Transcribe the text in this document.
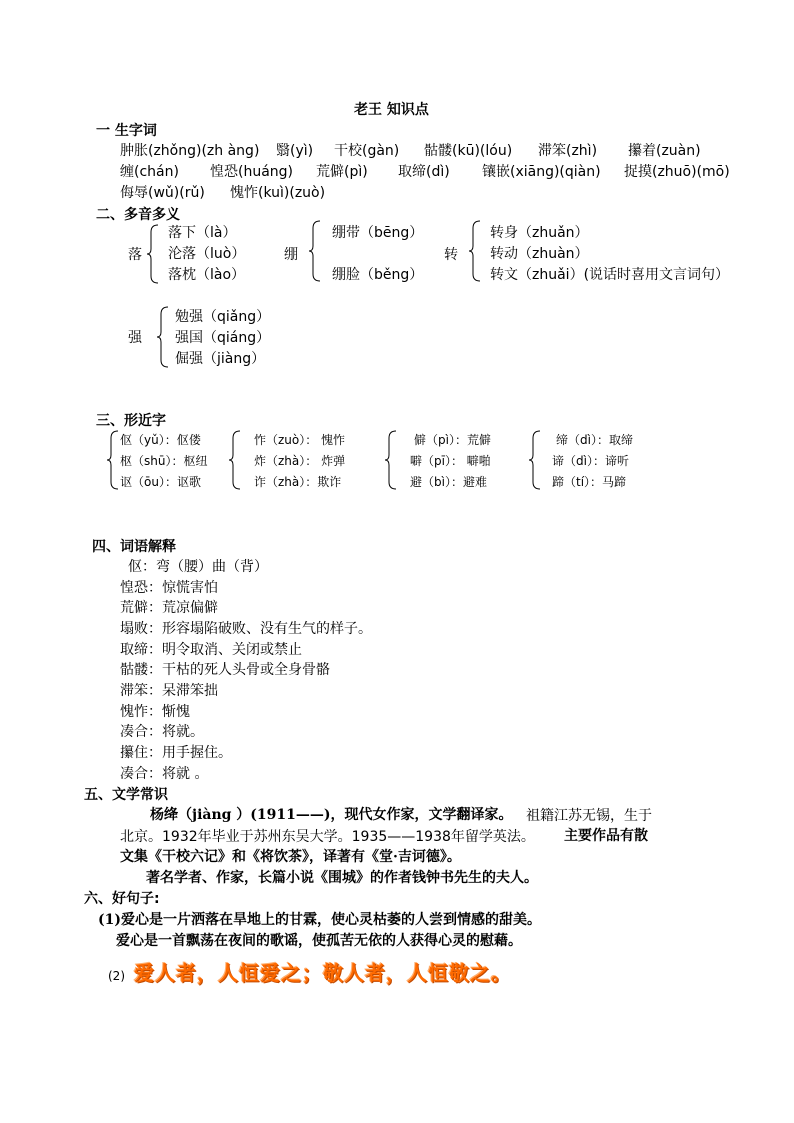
老王 知识点
一 生字词
肿胀(zhǒng)(zh àng) 翳(yì) 干校(gàn) 骷髅(kū)(lóu) 滞笨(zhì) 攥着(zuàn)
缠(chán) 惶恐(huáng) 荒僻(pì) 取缔(dì) 镶嵌(xiāng)(qiàn) 捉摸(zhuō)(mō)
侮辱(wǔ)(rǔ) 愧怍(kuì)(zuò)
二、多音多义
落
落下（là）
沦落（luò）
落枕（lào）
绷
绷带（bēng）
绷脸（běng）
转
转身（zhuǎn）
转动（zhuàn）
转文（zhuǎi）(说话时喜用文言词句）
强
勉强（qiǎng）
强国（qiáng）
倔强（jiàng）
三、形近字
伛（yǔ）：伛偻
枢（shū）：枢纽
讴（ōu）：讴歌
怍（zuò）： 愧怍
炸（zhà）： 炸弹
诈（zhà）：欺诈
僻（pì）：荒僻
噼（pī）： 噼啪
避（bì）：避难
缔（dì）：取缔
谛（dì）：谛听
蹄（tí）：马蹄
四、词语解释
伛：弯（腰）曲（背）
惶恐：惊慌害怕
荒僻：荒凉偏僻
塌败：形容塌陷破败、没有生气的样子。
取缔：明令取消、关闭或禁止
骷髅：干枯的死人头骨或全身骨骼
滞笨：呆滞笨拙
愧怍：惭愧
凑合：将就。
攥住：用手握住。
凑合：将就 。
五、文学常识
杨绛（jiàng ）(1911——)，现代女作家，文学翻译家。 祖籍江苏无锡，生于
北京。1932年毕业于苏州东吴大学。1935——1938年留学英法。 主要作品有散
文集《干校六记》和《将饮茶》，译著有《堂·吉诃德》。
著名学者、作家，长篇小说《围城》的作者钱钟书先生的夫人。
六、好句子:
(1)爱心是一片洒落在旱地上的甘霖，使心灵枯萎的人尝到情感的甜美。
爱心是一首飘荡在夜间的歌谣，使孤苦无依的人获得心灵的慰藉。
(2) 爱人者，人恒爱之；敬人者，人恒敬之。
